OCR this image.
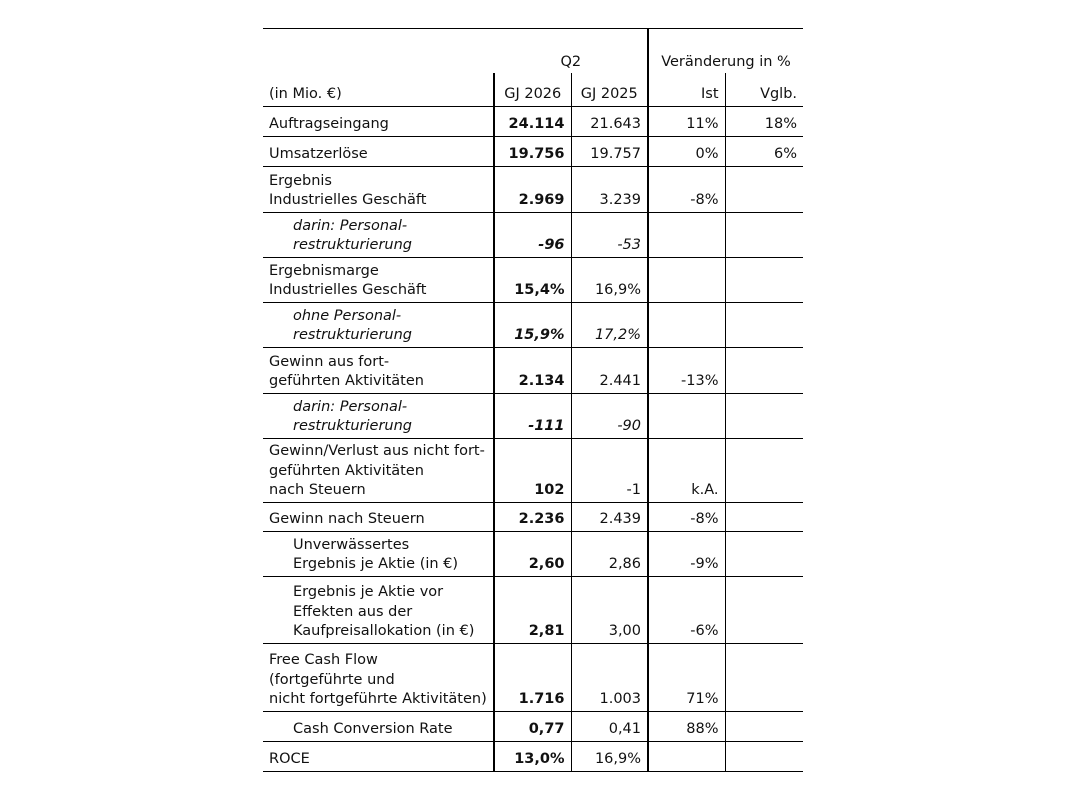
	Q2		Veränderung in %	
(in Mio. €)	GJ 2026	GJ 2025	Ist	Vglb.

Auftragseingang	24.114	21.643	11%	18%

Umsatzerlöse	19.756	19.757	0%	6%

Ergebnis
Industrielles Geschäft	2.969	3.239	-8%	

darin: Personal-
restrukturierung	-96	-53		

Ergebnismarge
Industrielles Geschäft	15,4%	16,9%		

ohne Personal-
restrukturierung	15,9%	17,2%		

Gewinn aus fort-
geführten Aktivitäten	2.134	2.441	-13%	

darin: Personal-
restrukturierung	-111	-90		

Gewinn/Verlust aus nicht fort-
geführten Aktivitäten
nach Steuern	102	-1	k.A.	

Gewinn nach Steuern	2.236	2.439	-8%	

Unverwässertes
Ergebnis je Aktie (in €)	2,60	2,86	-9%	

Ergebnis je Aktie vor
Effekten aus der
Kaufpreisallokation (in €)	2,81	3,00	-6%	

Free Cash Flow
(fortgeführte und
nicht fortgeführte Aktivitäten)	1.716	1.003	71%	

Cash Conversion Rate	0,77	0,41	88%	

ROCE	13,0%	16,9%		
